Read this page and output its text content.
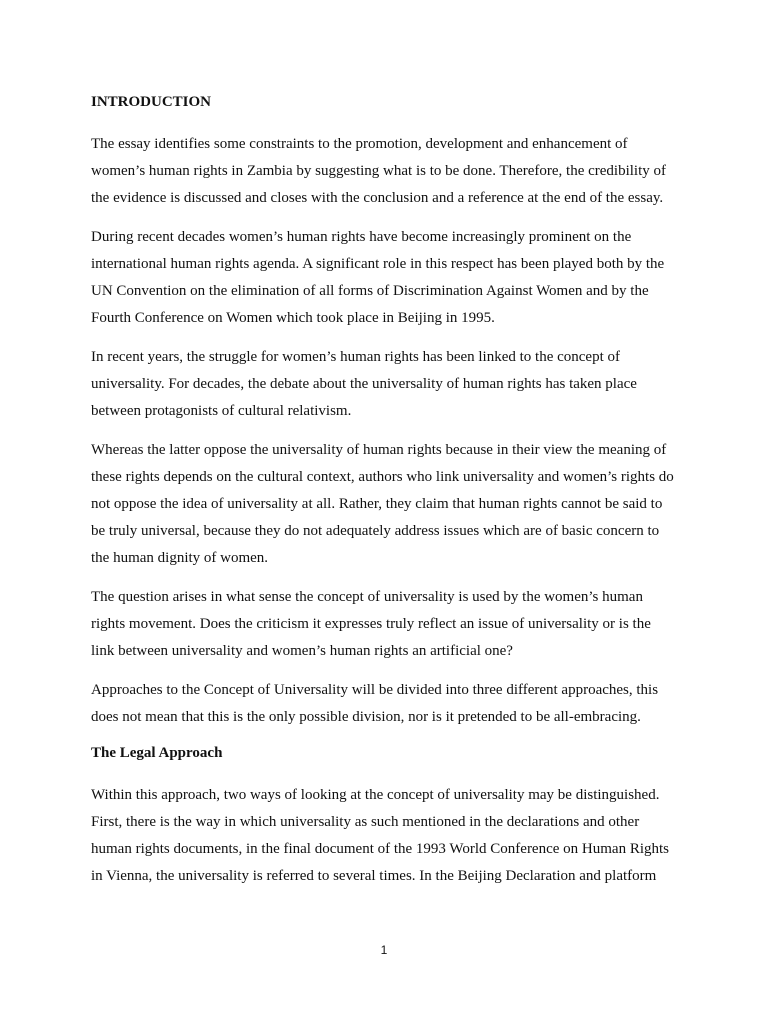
INTRODUCTION
The essay identifies some constraints to the promotion, development and enhancement of
women’s human rights in Zambia by suggesting what is to be done. Therefore, the credibility of
the evidence is discussed and closes with the conclusion and a reference at the end of the essay.
During recent decades women’s human rights have become increasingly prominent on the
international human rights agenda. A significant role in this respect has been played both by the
UN Convention on the elimination of all forms of Discrimination Against Women and by the
Fourth Conference on Women which took place in Beijing in 1995.
In recent years, the struggle for women’s human rights has been linked to the concept of
universality. For decades, the debate about the universality of human rights has taken place
between protagonists of cultural relativism.
Whereas the latter oppose the universality of human rights because in their view the meaning of
these rights depends on the cultural context, authors who link universality and women’s rights do
not oppose the idea of universality at all. Rather, they claim that human rights cannot be said to
be truly universal, because they do not adequately address issues which are of basic concern to
the human dignity of women.
The question arises in what sense the concept of universality is used by the women’s human
rights movement. Does the criticism it expresses truly reflect an issue of universality or is the
link between universality and women’s human rights an artificial one?
Approaches to the Concept of Universality will be divided into three different approaches, this
does not mean that this is the only possible division, nor is it pretended to be all-embracing.
The Legal Approach
Within this approach, two ways of looking at the concept of universality may be distinguished.
First, there is the way in which universality as such mentioned in the declarations and other
human rights documents, in the final document of the 1993 World Conference on Human Rights
in Vienna, the universality is referred to several times. In the Beijing Declaration and platform
1
